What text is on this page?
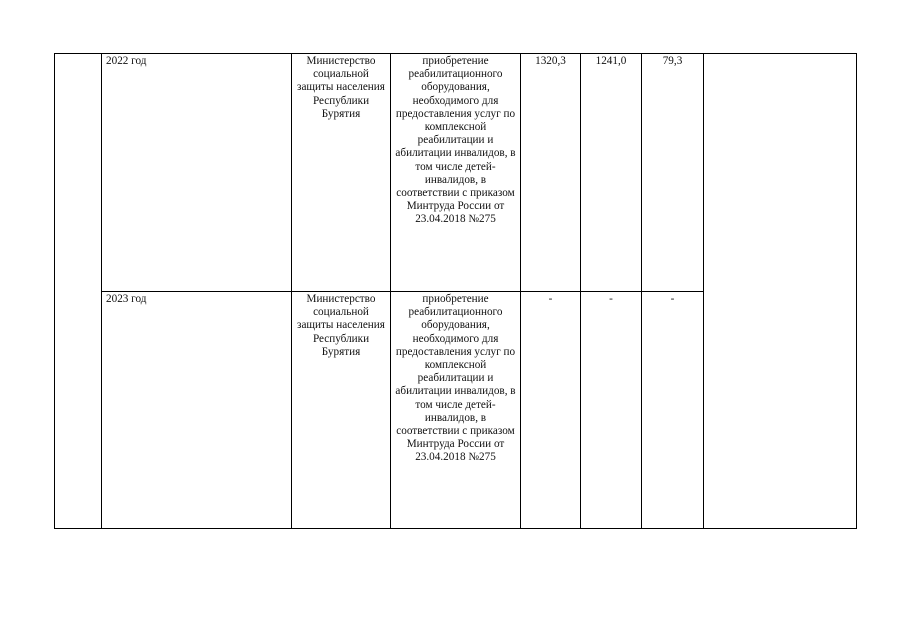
	2022 год	Министерство социальной защиты населения Республики Бурятия	приобретение реабилитационного оборудования, необходимого для предоставления услуг по комплексной реабилитации и абилитации инвалидов, в том числе детей-инвалидов, в соответствии с приказом Минтруда России от 23.04.2018 №275	1320,3	1241,0	79,3	
	2023 год	Министерство социальной защиты населения Республики Бурятия	приобретение реабилитационного оборудования, необходимого для предоставления услуг по комплексной реабилитации и абилитации инвалидов, в том числе детей-инвалидов, в соответствии с приказом Минтруда России от 23.04.2018 №275	-	-	-	
